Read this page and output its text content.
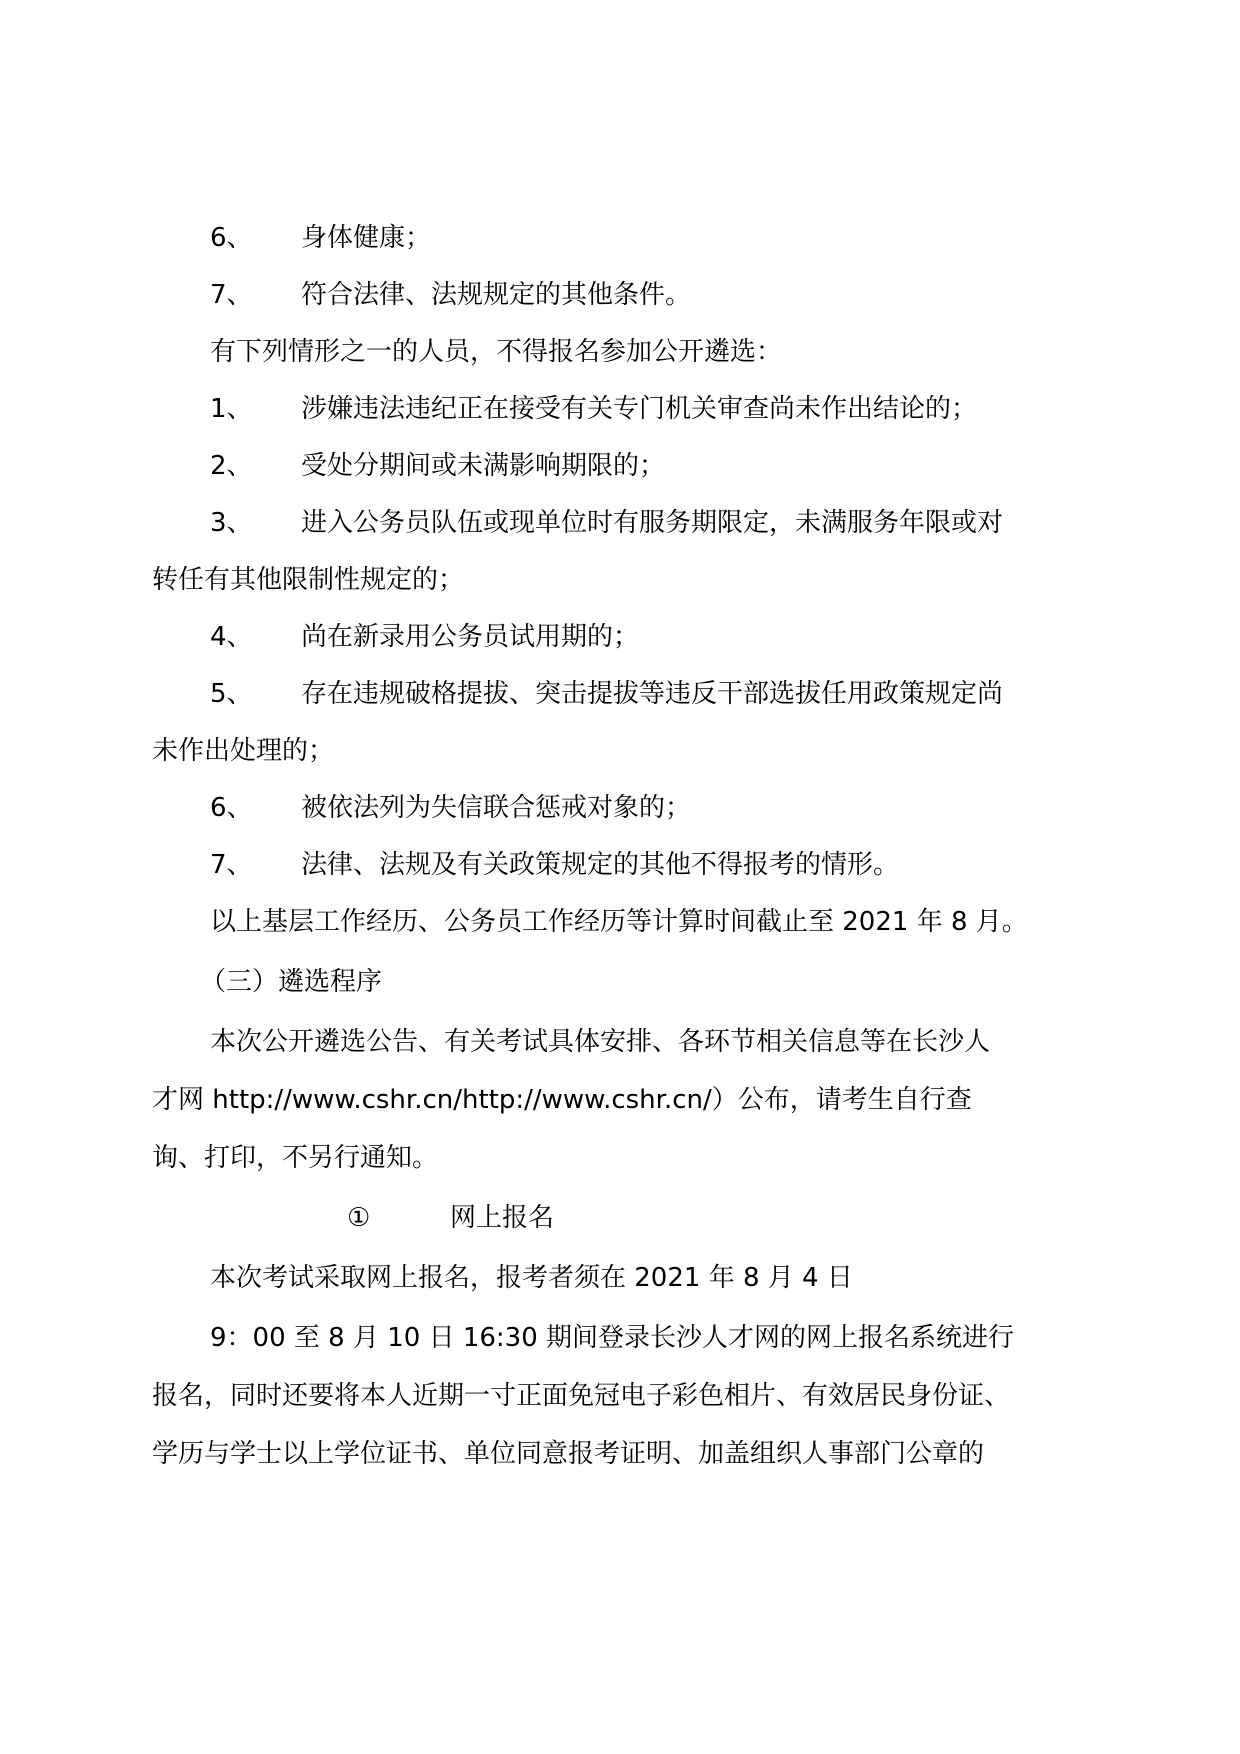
6、 身体健康；
7、 符合法律、法规规定的其他条件。
有下列情形之一的人员，不得报名参加公开遴选：
1、 涉嫌违法违纪正在接受有关专门机关审查尚未作出结论的；
2、 受处分期间或未满影响期限的；
3、 进入公务员队伍或现单位时有服务期限定，未满服务年限或对
转任有其他限制性规定的；
4、 尚在新录用公务员试用期的；
5、 存在违规破格提拔、突击提拔等违反干部选拔任用政策规定尚
未作出处理的；
6、 被依法列为失信联合惩戒对象的；
7、 法律、法规及有关政策规定的其他不得报考的情形。
以上基层工作经历、公务员工作经历等计算时间截止至 2021 年 8 月。
（三）遴选程序
本次公开遴选公告、有关考试具体安排、各环节相关信息等在长沙人
才网 http://www.cshr.cn/http://www.cshr.cn/）公布，请考生自行查
询、打印，不另行通知。
①	网上报名
本次考试采取网上报名，报考者须在 2021 年 8 月 4 日
9：00 至 8 月 10 日 16:30 期间登录长沙人才网的网上报名系统进行
报名，同时还要将本人近期一寸正面免冠电子彩色相片、有效居民身份证、
学历与学士以上学位证书、单位同意报考证明、加盖组织人事部门公章的
